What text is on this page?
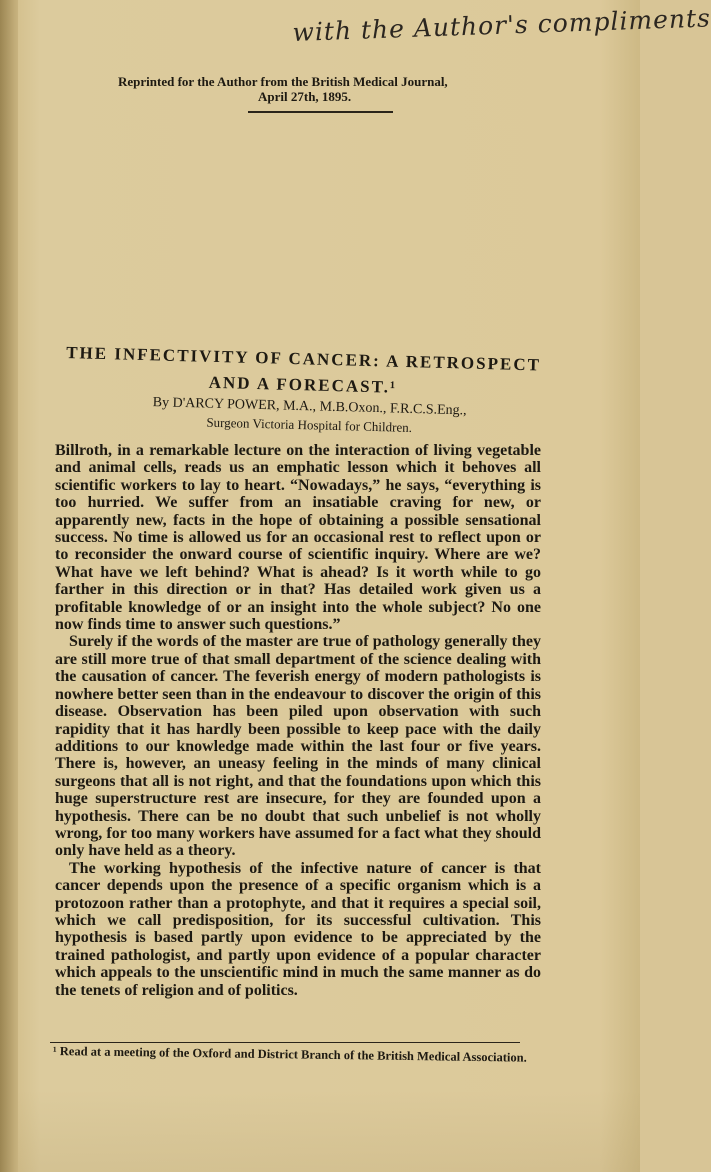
with the Author's compliments
Reprinted for the Author from the British Medical Journal,
April 27th, 1895.
THE INFECTIVITY OF CANCER: A RETROSPECT AND A FORECAST.¹
By D'ARCY POWER, M.A., M.B.Oxon., F.R.C.S.Eng.,
Surgeon Victoria Hospital for Children.

Billroth, in a remarkable lecture on the interaction of living vegetable and animal cells, reads us an emphatic lesson which it behoves all scientific workers to lay to heart. “Nowadays,” he says, “everything is too hurried. We suffer from an insatiable craving for new, or apparently new, facts in the hope of obtaining a possible sensational success. No time is allowed us for an occasional rest to reflect upon or to reconsider the onward course of scientific inquiry. Where are we? What have we left behind? What is ahead? Is it worth while to go farther in this direction or in that? Has detailed work given us a profitable knowledge of or an insight into the whole subject? No one now finds time to answer such questions.”

Surely if the words of the master are true of pathology generally they are still more true of that small department of the science dealing with the causation of cancer. The feverish energy of modern pathologists is nowhere better seen than in the endeavour to discover the origin of this disease. Observation has been piled upon observation with such rapidity that it has hardly been possible to keep pace with the daily additions to our knowledge made within the last four or five years. There is, however, an uneasy feeling in the minds of many clinical surgeons that all is not right, and that the foundations upon which this huge superstructure rest are insecure, for they are founded upon a hypothesis. There can be no doubt that such unbelief is not wholly wrong, for too many workers have assumed for a fact what they should only have held as a theory.

The working hypothesis of the infective nature of cancer is that cancer depends upon the presence of a specific organism which is a protozoon rather than a protophyte, and that it requires a special soil, which we call predisposition, for its successful cultivation. This hypothesis is based partly upon evidence to be appreciated by the trained pathologist, and partly upon evidence of a popular character which appeals to the unscientific mind in much the same manner as do the tenets of religion and of politics.

¹ Read at a meeting of the Oxford and District Branch of the British Medical Association.
